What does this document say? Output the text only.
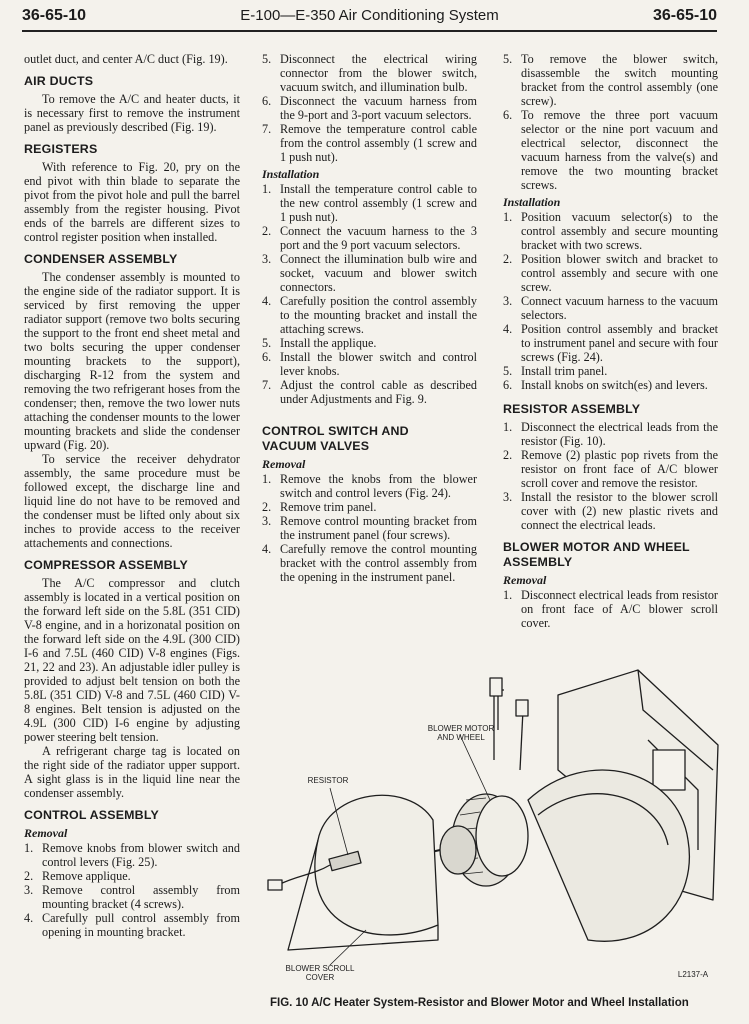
36-65-10	E-100—E-350 Air Conditioning System	36-65-10

outlet duct, and center A/C duct (Fig. 19).

AIR DUCTS

To remove the A/C and heater ducts, it is necessary first to remove the instrument panel as previously described (Fig. 19).

REGISTERS

With reference to Fig. 20, pry on the end pivot with thin blade to separate the pivot from the pivot hole and pull the barrel assembly from the register housing. Pivot ends of the barrels are different sizes to control register position when installed.

CONDENSER ASSEMBLY

The condenser assembly is mounted to the engine side of the radiator support. It is serviced by first removing the upper radiator support (remove two bolts securing the support to the front end sheet metal and two bolts securing the upper condenser mounting brackets to the support), discharging R-12 from the system and removing the two refrigerant hoses from the condenser; then, remove the two lower nuts attaching the condenser mounts to the lower mounting brackets and slide the condenser upward (Fig. 20).

To service the receiver dehydrator assembly, the same procedure must be followed except, the discharge line and liquid line do not have to be removed and the condenser must be lifted only about six inches to provide access to the receiver attachements and connections.

COMPRESSOR ASSEMBLY

The A/C compressor and clutch assembly is located in a vertical position on the forward left side on the 5.8L (351 CID) V-8 engine, and in a horizonatal position on the forward left side on the 4.9L (300 CID) I-6 and 7.5L (460 CID) V-8 engines (Figs. 21, 22 and 23). An adjustable idler pulley is provided to adjust belt tension on both the 5.8L (351 CID) V-8 and 7.5L (460 CID) V-8 engines. Belt tension is adjusted on the 4.9L (300 CID) I-6 engine by adjusting power steering belt tension.

A refrigerant charge tag is located on the right side of the radiator upper support. A sight glass is in the liquid line near the condenser assembly.

CONTROL ASSEMBLY
Removal
1. Remove knobs from blower switch and control levers (Fig. 25).
2. Remove applique.
3. Remove control assembly from mounting bracket (4 screws).
4. Carefully pull control assembly from opening in mounting bracket.
5. Disconnect the electrical wiring connector from the blower switch, vacuum switch, and illumination bulb.
6. Disconnect the vacuum harness from the 9-port and 3-port vacuum selectors.
7. Remove the temperature control cable from the control assembly (1 screw and 1 push nut).
Installation
1. Install the temperature control cable to the new control assembly (1 screw and 1 push nut).
2. Connect the vacuum harness to the 3 port and the 9 port vacuum selectors.
3. Connect the illumination bulb wire and socket, vacuum and blower switch connectors.
4. Carefully position the control assembly to the mounting bracket and install the attaching screws.
5. Install the applique.
6. Install the blower switch and control lever knobs.
7. Adjust the control cable as described under Adjustments and Fig. 9.
CONTROL SWITCH AND
VACUUM VALVES
Removal
1. Remove the knobs from the blower switch and control levers (Fig. 24).
2. Remove trim panel.
3. Remove control mounting bracket from the instrument panel (four screws).
4. Carefully remove the control mounting bracket with the control assembly from the opening in the instrument panel.
5. To remove the blower switch, disassemble the switch mounting bracket from the control assembly (one screw).
6. To remove the three port vacuum selector or the nine port vacuum and electrical selector, disconnect the vacuum harness from the valve(s) and remove the two mounting bracket screws.
Installation
1. Position vacuum selector(s) to the control assembly and secure mounting bracket with two screws.
2. Position blower switch and bracket to control assembly and secure with one screw.
3. Connect vacuum harness to the vacuum selectors.
4. Position control assembly and bracket to instrument panel and secure with four screws (Fig. 24).
5. Install trim panel.
6. Install knobs on switch(es) and levers.
RESISTOR ASSEMBLY
1. Disconnect the electrical leads from the resistor (Fig. 10).
2. Remove (2) plastic pop rivets from the resistor on front face of A/C blower scroll cover and remove the resistor.
3. Install the resistor to the blower scroll cover with (2) new plastic rivets and connect the electrical leads.
BLOWER MOTOR AND WHEEL ASSEMBLY
Removal
1. Disconnect electrical leads from resistor on front face of A/C blower scroll cover.
BLOWER MOTOR
AND WHEEL
RESISTOR
BLOWER SCROLL
COVER	L2137-A
FIG. 10 A/C Heater System-Resistor and Blower Motor and Wheel Installation
